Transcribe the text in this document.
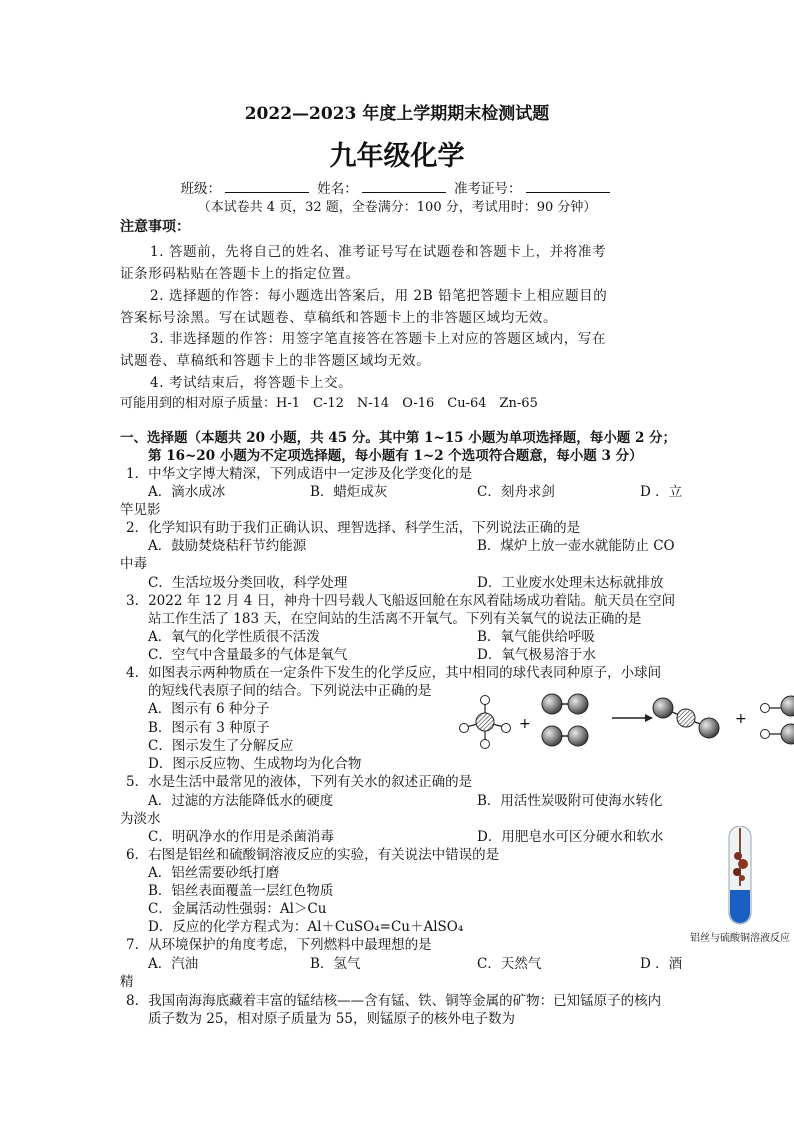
2022—2023 年度上学期期末检测试题
九年级化学
班级：	姓名：	准考证号：
（本试卷共 4 页，32 题，全卷满分：100 分，考试用时：90 分钟）
注意事项：
1. 答题前，先将自己的姓名、准考证号写在试题卷和答题卡上，并将准考
证条形码粘贴在答题卡上的指定位置。
2. 选择题的作答：每小题选出答案后，用 2B 铅笔把答题卡上相应题目的
答案标号涂黑。写在试题卷、草稿纸和答题卡上的非答题区域均无效。
3. 非选择题的作答：用签字笔直接答在答题卡上对应的答题区域内，写在
试题卷、草稿纸和答题卡上的非答题区域均无效。
4. 考试结束后，将答题卡上交。
可能用到的相对原子质量：H-1　C-12　N-14　O-16　Cu-64　Zn-65
一、选择题（本题共 20 小题，共 45 分。其中第 1~15 小题为单项选择题，每小题 2 分；
第 16~20 小题为不定项选择题，每小题有 1~2 个选项符合题意，每小题 3 分）
1．中华文字博大精深，下列成语中一定涉及化学变化的是
A．滴水成冰	B．蜡炬成灰	C．刻舟求剑	D ．立
竿见影
2．化学知识有助于我们正确认识、理智选择、科学生活，下列说法正确的是
A．鼓励焚烧秸秆节约能源	B．煤炉上放一壶水就能防止 CO
中毒
C．生活垃圾分类回收，科学处理	D．工业废水处理未达标就排放
3．2022 年 12 月 4 日，神舟十四号载人飞船返回舱在东风着陆场成功着陆。航天员在空间
站工作生活了 183 天，在空间站的生活离不开氧气。下列有关氧气的说法正确的是
A．氧气的化学性质很不活泼	B．氧气能供给呼吸
C．空气中含量最多的气体是氧气	D．氧气极易溶于水
4．如图表示两种物质在一定条件下发生的化学反应，其中相同的球代表同种原子，小球间
的短线代表原子间的结合。下列说法中正确的是
A．图示有 6 种分子
B．图示有 3 种原子
C．图示发生了分解反应
D．图示反应物、生成物均为化合物
+	+
5．水是生活中最常见的液体，下列有关水的叙述正确的是
A．过滤的方法能降低水的硬度	B．用活性炭吸附可使海水转化
为淡水
C．明矾净水的作用是杀菌消毒	D．用肥皂水可区分硬水和软水
6．右图是铝丝和硫酸铜溶液反应的实验，有关说法中错误的是
A．铝丝需要砂纸打磨
B．铝丝表面覆盖一层红色物质
C．金属活动性强弱：Al＞Cu
D．反应的化学方程式为：Al＋CuSO₄=Cu＋AlSO₄
铝丝与硫酸铜溶液反应
7．从环境保护的角度考虑，下列燃料中最理想的是
A．汽油	B．氢气	C．天然气	D ．酒
精
8．我国南海海底藏着丰富的锰结核——含有锰、铁、铜等金属的矿物：已知锰原子的核内
质子数为 25，相对原子质量为 55，则锰原子的核外电子数为
